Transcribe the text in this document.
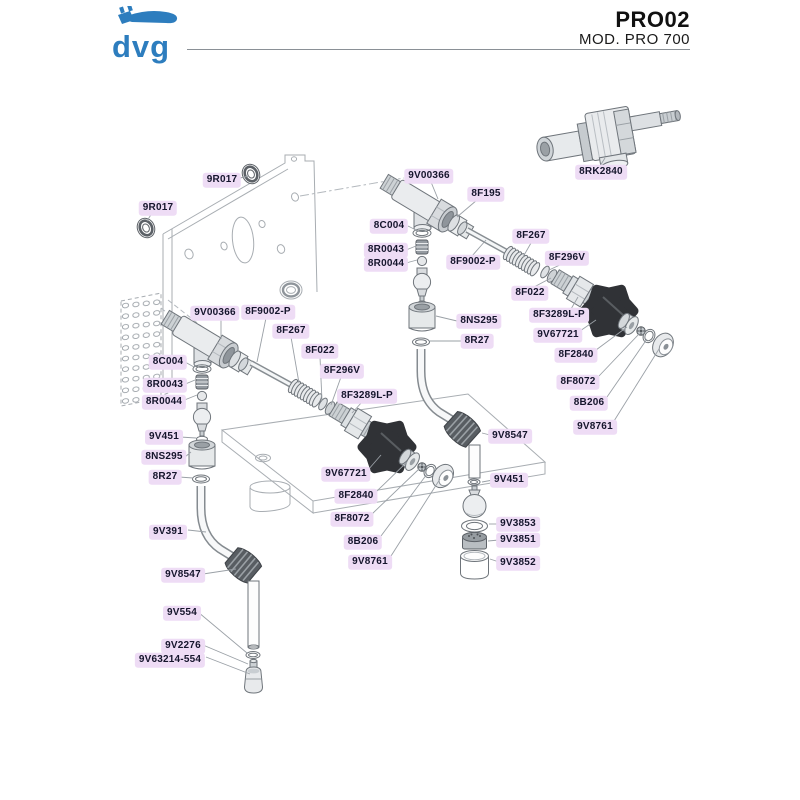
dvg
PRO02
MOD. PRO 700
9R017
9R017
8RK2840
9V00366
8F195
8C004
8R0043
8R0044	8F9002-P
8F267
8F296V
8F022
8NS295
8R27
8F3289L-P
9V67721
8F2840
8F8072
8B206
9V8761
9V00366 8F9002-P
8F267
8F022
8F296V
8C004
8R0043
8R0044
9V451
8NS295
8R27
8F3289L-P
9V67721
8F2840
8F8072
8B206
9V8761
9V391
9V8547
9V554
9V2276
9V63214-554
9V8547
9V451
9V3853
9V3851
9V3852
